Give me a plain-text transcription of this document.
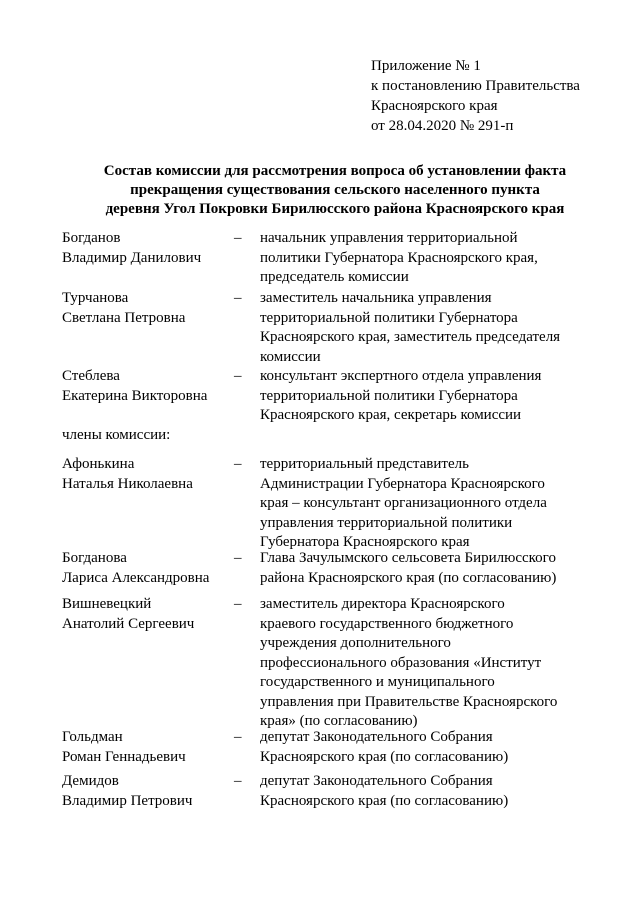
Приложение № 1
к постановлению Правительства
Красноярского края
от 28.04.2020 № 291-п
Состав комиссии для рассмотрения вопроса об установлении факта
прекращения существования сельского населенного пункта
деревня Угол Покровки Бирилюсского района Красноярского края
Богданов
Владимир Данилович
– начальник управления территориальной
политики Губернатора Красноярского края,
председатель комиссии
Турчанова
Светлана Петровна
– заместитель начальника управления
территориальной политики Губернатора
Красноярского края, заместитель председателя
комиссии
Стеблева
Екатерина Викторовна
– консультант экспертного отдела управления
территориальной политики Губернатора
Красноярского края, секретарь комиссии
члены комиссии:
Афонькина
Наталья Николаевна
– территориальный представитель
Администрации Губернатора Красноярского
края – консультант организационного отдела
управления территориальной политики
Губернатора Красноярского края
Богданова
Лариса Александровна
– Глава Зачулымского сельсовета Бирилюсского
района Красноярского края (по согласованию)
Вишневецкий
Анатолий Сергеевич
– заместитель директора Красноярского
краевого государственного бюджетного
учреждения дополнительного
профессионального образования «Институт
государственного и муниципального
управления при Правительстве Красноярского
края» (по согласованию)
Гольдман
Роман Геннадьевич
– депутат Законодательного Собрания
Красноярского края (по согласованию)
Демидов
Владимир Петрович
– депутат Законодательного Собрания
Красноярского края (по согласованию)
